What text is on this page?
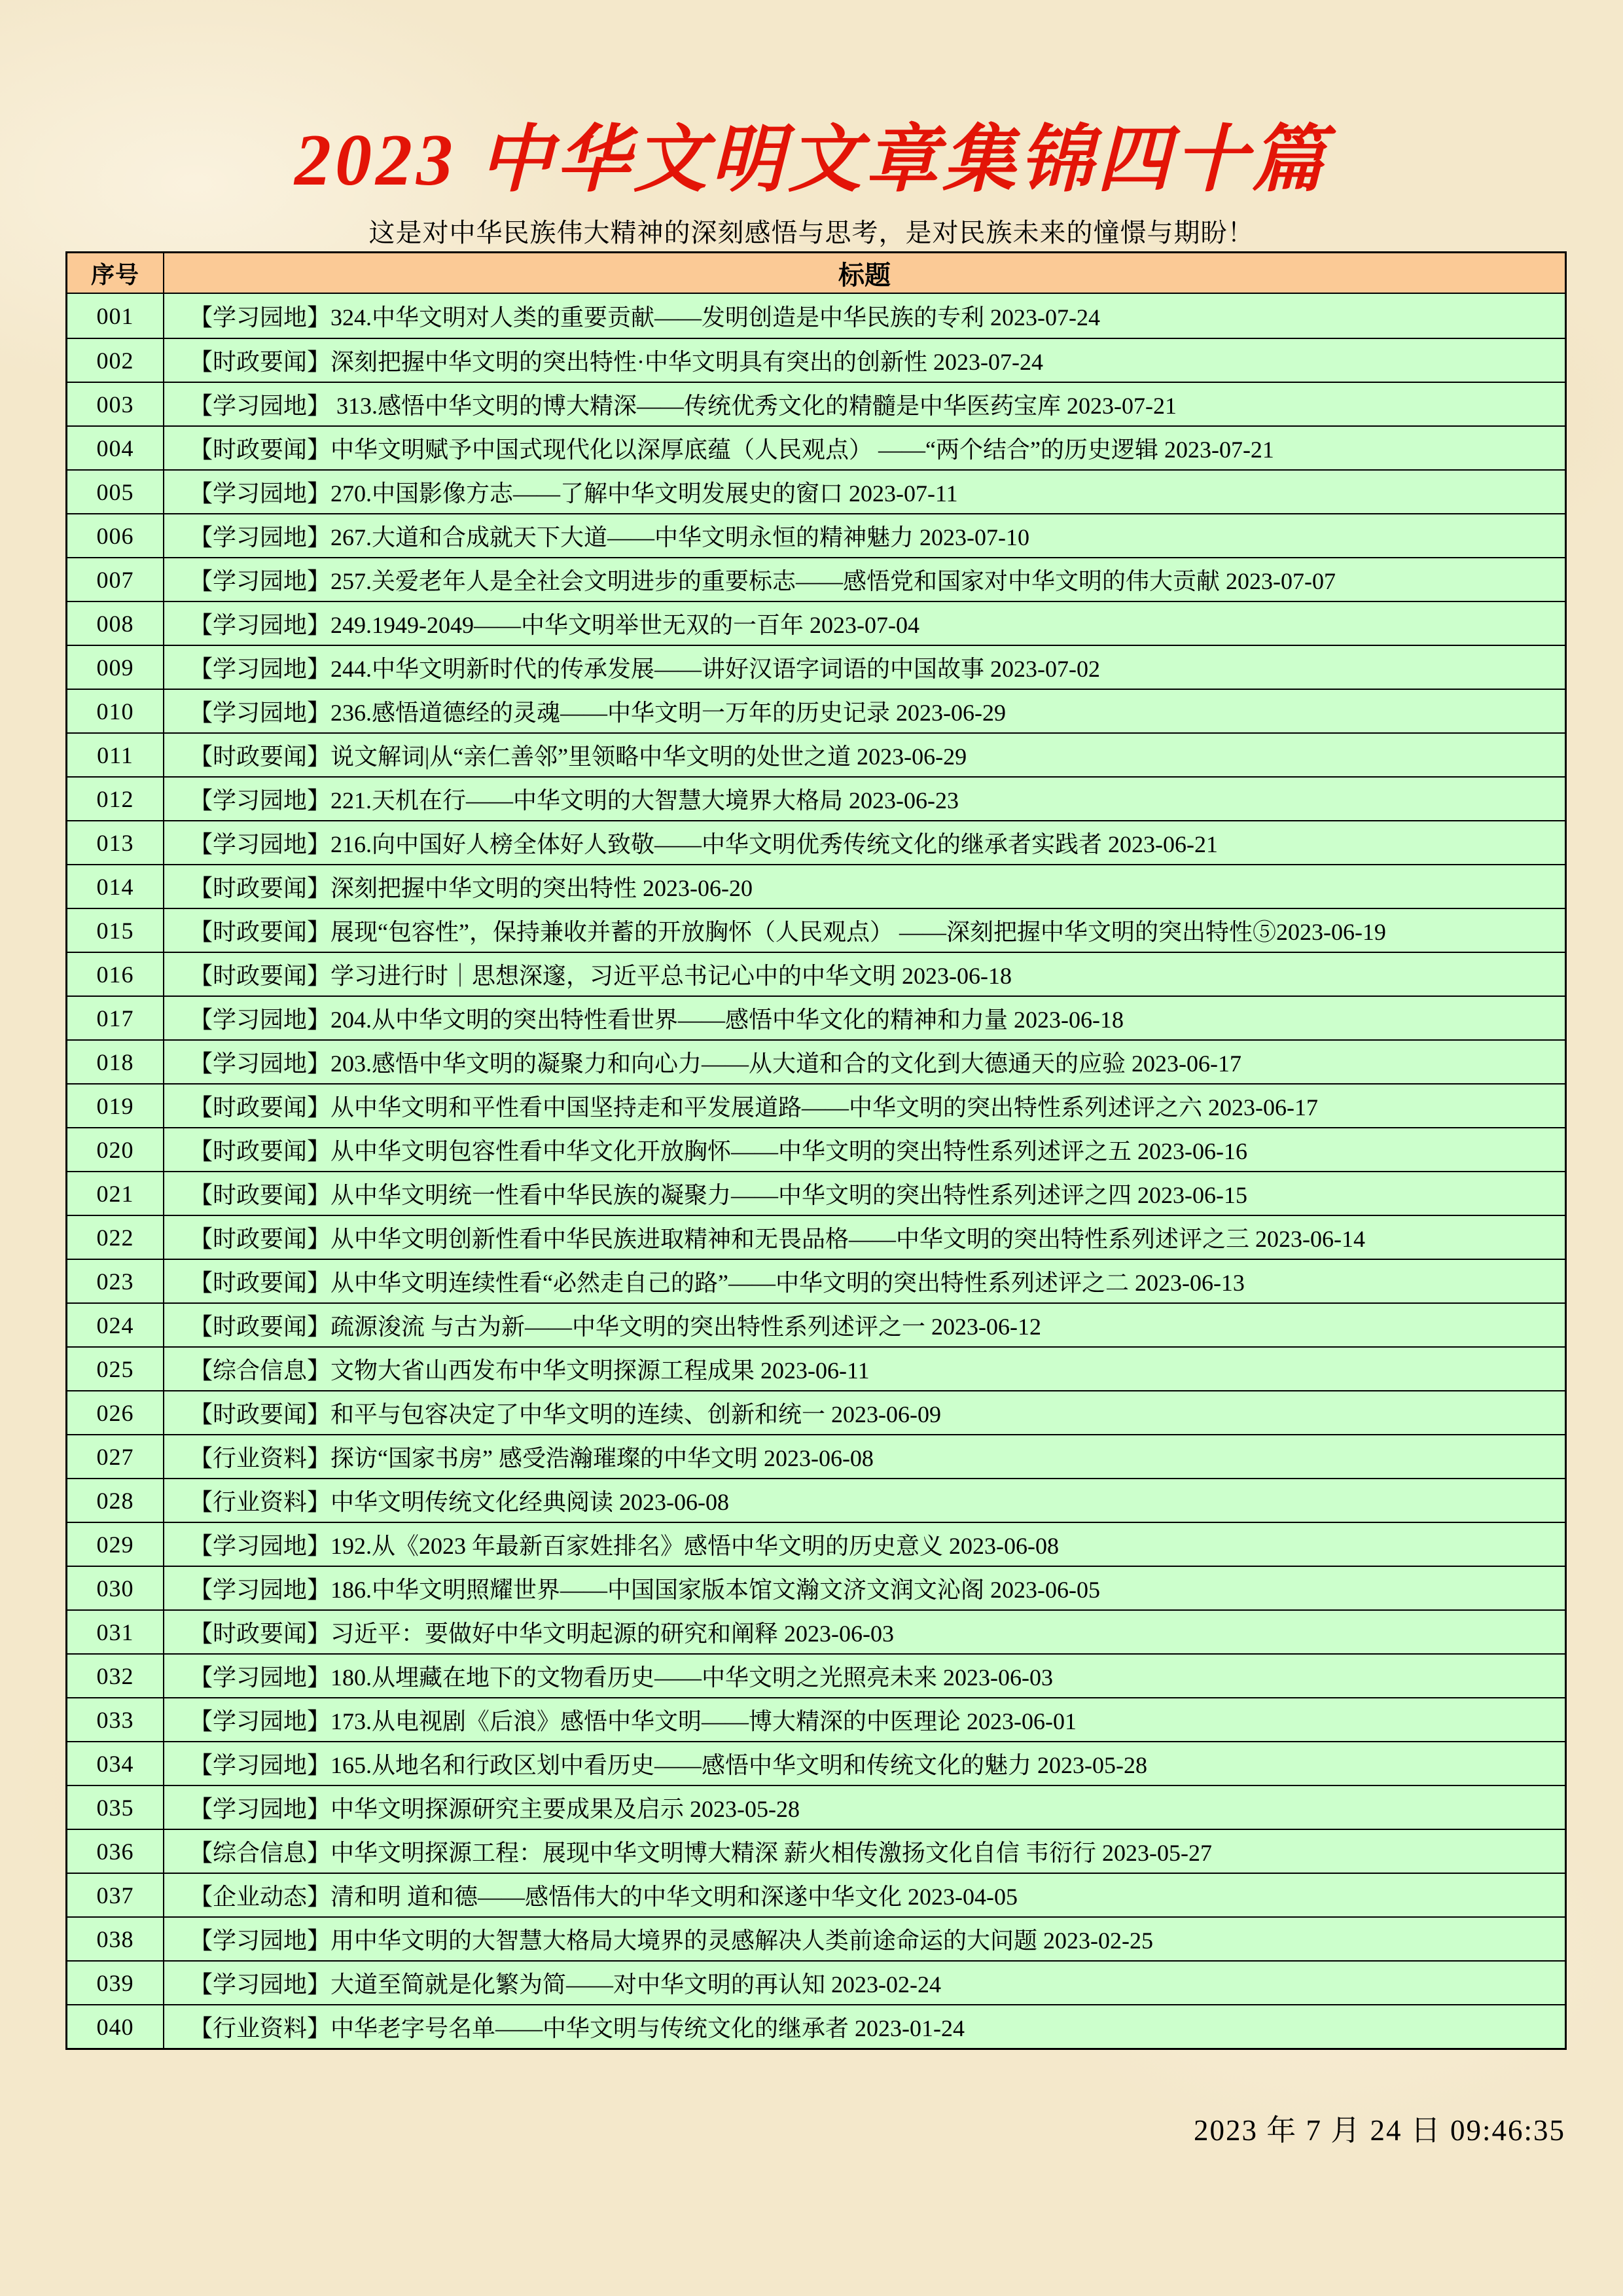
2023 中华文明文章集锦四十篇
这是对中华民族伟大精神的深刻感悟与思考，是对民族未来的憧憬与期盼！
序号	标题
001	【学习园地】324.中华文明对人类的重要贡献——发明创造是中华民族的专利 2023-07-24
002	【时政要闻】深刻把握中华文明的突出特性·中华文明具有突出的创新性 2023-07-24
003	【学习园地】 313.感悟中华文明的博大精深——传统优秀文化的精髓是中华医药宝库 2023-07-21
004	【时政要闻】中华文明赋予中国式现代化以深厚底蕴（人民观点） ——“两个结合”的历史逻辑 2023-07-21
005	【学习园地】270.中国影像方志——了解中华文明发展史的窗口 2023-07-11
006	【学习园地】267.大道和合成就天下大道——中华文明永恒的精神魅力 2023-07-10
007	【学习园地】257.关爱老年人是全社会文明进步的重要标志——感悟党和国家对中华文明的伟大贡献 2023-07-07
008	【学习园地】249.1949-2049——中华文明举世无双的一百年 2023-07-04
009	【学习园地】244.中华文明新时代的传承发展——讲好汉语字词语的中国故事 2023-07-02
010	【学习园地】236.感悟道德经的灵魂——中华文明一万年的历史记录 2023-06-29
011	【时政要闻】说文解词|从“亲仁善邻”里领略中华文明的处世之道 2023-06-29
012	【学习园地】221.天机在行——中华文明的大智慧大境界大格局 2023-06-23
013	【学习园地】216.向中国好人榜全体好人致敬——中华文明优秀传统文化的继承者实践者 2023-06-21
014	【时政要闻】深刻把握中华文明的突出特性 2023-06-20
015	【时政要闻】展现“包容性”，保持兼收并蓄的开放胸怀（人民观点） ——深刻把握中华文明的突出特性⑤2023-06-19
016	【时政要闻】学习进行时｜思想深邃，习近平总书记心中的中华文明 2023-06-18
017	【学习园地】204.从中华文明的突出特性看世界——感悟中华文化的精神和力量 2023-06-18
018	【学习园地】203.感悟中华文明的凝聚力和向心力——从大道和合的文化到大德通天的应验 2023-06-17
019	【时政要闻】从中华文明和平性看中国坚持走和平发展道路——中华文明的突出特性系列述评之六 2023-06-17
020	【时政要闻】从中华文明包容性看中华文化开放胸怀——中华文明的突出特性系列述评之五 2023-06-16
021	【时政要闻】从中华文明统一性看中华民族的凝聚力——中华文明的突出特性系列述评之四 2023-06-15
022	【时政要闻】从中华文明创新性看中华民族进取精神和无畏品格——中华文明的突出特性系列述评之三 2023-06-14
023	【时政要闻】从中华文明连续性看“必然走自己的路”——中华文明的突出特性系列述评之二 2023-06-13
024	【时政要闻】疏源浚流 与古为新——中华文明的突出特性系列述评之一 2023-06-12
025	【综合信息】文物大省山西发布中华文明探源工程成果 2023-06-11
026	【时政要闻】和平与包容决定了中华文明的连续、创新和统一 2023-06-09
027	【行业资料】探访“国家书房” 感受浩瀚璀璨的中华文明 2023-06-08
028	【行业资料】中华文明传统文化经典阅读 2023-06-08
029	【学习园地】192.从《2023 年最新百家姓排名》感悟中华文明的历史意义 2023-06-08
030	【学习园地】186.中华文明照耀世界——中国国家版本馆文瀚文济文润文沁阁 2023-06-05
031	【时政要闻】习近平：要做好中华文明起源的研究和阐释 2023-06-03
032	【学习园地】180.从埋藏在地下的文物看历史——中华文明之光照亮未来 2023-06-03
033	【学习园地】173.从电视剧《后浪》感悟中华文明——博大精深的中医理论 2023-06-01
034	【学习园地】165.从地名和行政区划中看历史——感悟中华文明和传统文化的魅力 2023-05-28
035	【学习园地】中华文明探源研究主要成果及启示 2023-05-28
036	【综合信息】中华文明探源工程：展现中华文明博大精深 薪火相传激扬文化自信 韦衍行 2023-05-27
037	【企业动态】清和明 道和德——感悟伟大的中华文明和深遂中华文化 2023-04-05
038	【学习园地】用中华文明的大智慧大格局大境界的灵感解决人类前途命运的大问题 2023-02-25
039	【学习园地】大道至简就是化繁为简——对中华文明的再认知 2023-02-24
040	【行业资料】中华老字号名单——中华文明与传统文化的继承者 2023-01-24
2023 年 7 月 24 日 09:46:35
